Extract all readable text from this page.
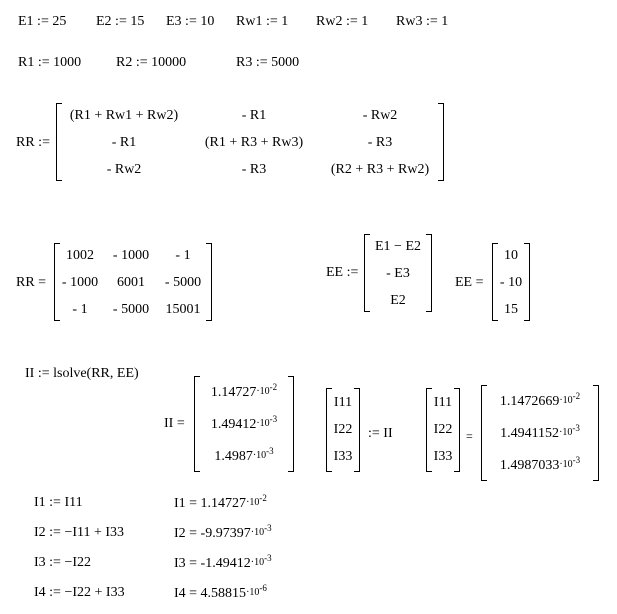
E1 := 25 E2 := 15 E3 := 10 Rw1 := 1 Rw2 := 1 Rw3 := 1
R1 := 1000 R2 := 10000	R3 := 5000
RR :=
(R1 + Rw1 + Rw2)	- R1	- Rw2
- R1	(R1 + R3 + Rw3)	- R3
- Rw2	- R3	(R2 + R3 + Rw2)
RR =
1002	- 1000	- 1
- 1000	6001	- 5000
- 1	- 5000	15001
EE :=
E1 − E2
- E3
E2
EE =
10
- 10
15
II := lsolve(RR, EE)
II =
$1.14727\cdot 10^{-2}$
$1.49412\cdot 10^{-3}$
$1.4987\cdot 10^{-3}$
I11
I22
I33
:= II
I11
I22
I33
=
$1.1472669\cdot 10^{-2}$
$1.4941152\cdot 10^{-3}$
$1.4987033\cdot 10^{-3}$
I1 := I11
I2 := −I11 + I33
I3 := −I22
I4 := −I22 + I33
$I1 = 1.14727\cdot 10^{-2}$
$I2 = -9.97397\cdot 10^{-3}$
$I3 = -1.49412\cdot 10^{-3}$
$I4 = 4.58815\cdot 10^{-6}$
